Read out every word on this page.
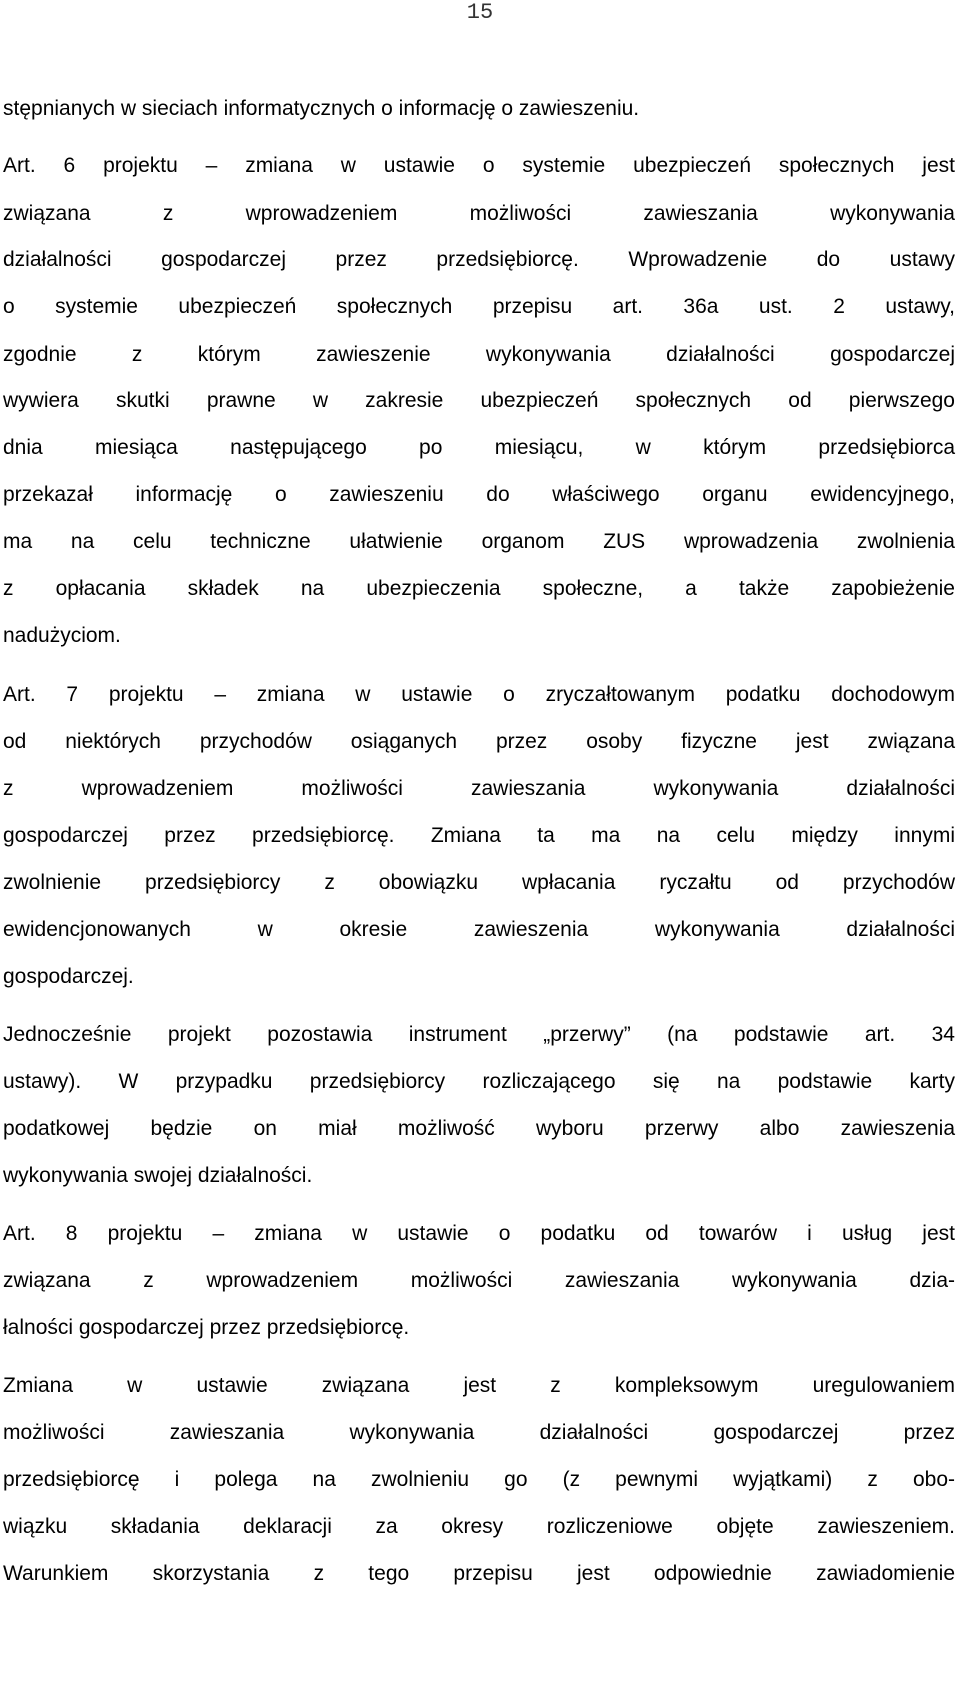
15
stępnianych w sieciach informatycznych o informację o zawieszeniu.
Art. 6 projektu – zmiana w ustawie o systemie ubezpieczeń społecznych jest
związana z wprowadzeniem możliwości zawieszania wykonywania
działalności gospodarczej przez przedsiębiorcę. Wprowadzenie do ustawy
o systemie ubezpieczeń społecznych przepisu art. 36a ust. 2 ustawy,
zgodnie z którym zawieszenie wykonywania działalności gospodarczej
wywiera skutki prawne w zakresie ubezpieczeń społecznych od pierwszego
dnia miesiąca następującego po miesiącu, w którym przedsiębiorca
przekazał informację o zawieszeniu do właściwego organu ewidencyjnego,
ma na celu techniczne ułatwienie organom ZUS wprowadzenia zwolnienia
z opłacania składek na ubezpieczenia społeczne, a także zapobieżenie
nadużyciom.
Art. 7 projektu – zmiana w ustawie o zryczałtowanym podatku dochodowym
od niektórych przychodów osiąganych przez osoby fizyczne jest związana
z wprowadzeniem możliwości zawieszania wykonywania działalności
gospodarczej przez przedsiębiorcę. Zmiana ta ma na celu między innymi
zwolnienie przedsiębiorcy z obowiązku wpłacania ryczałtu od przychodów
ewidencjonowanych w okresie zawieszenia wykonywania działalności
gospodarczej.
Jednocześnie projekt pozostawia instrument „przerwy” (na podstawie art. 34
ustawy). W przypadku przedsiębiorcy rozliczającego się na podstawie karty
podatkowej będzie on miał możliwość wyboru przerwy albo zawieszenia
wykonywania swojej działalności.
Art. 8 projektu – zmiana w ustawie o podatku od towarów i usług jest
związana z wprowadzeniem możliwości zawieszania wykonywania dzia-
łalności gospodarczej przez przedsiębiorcę.
Zmiana w ustawie związana jest z kompleksowym uregulowaniem
możliwości zawieszania wykonywania działalności gospodarczej przez
przedsiębiorcę i polega na zwolnieniu go (z pewnymi wyjątkami) z obo-
wiązku składania deklaracji za okresy rozliczeniowe objęte zawieszeniem.
Warunkiem skorzystania z tego przepisu jest odpowiednie zawiadomienie
